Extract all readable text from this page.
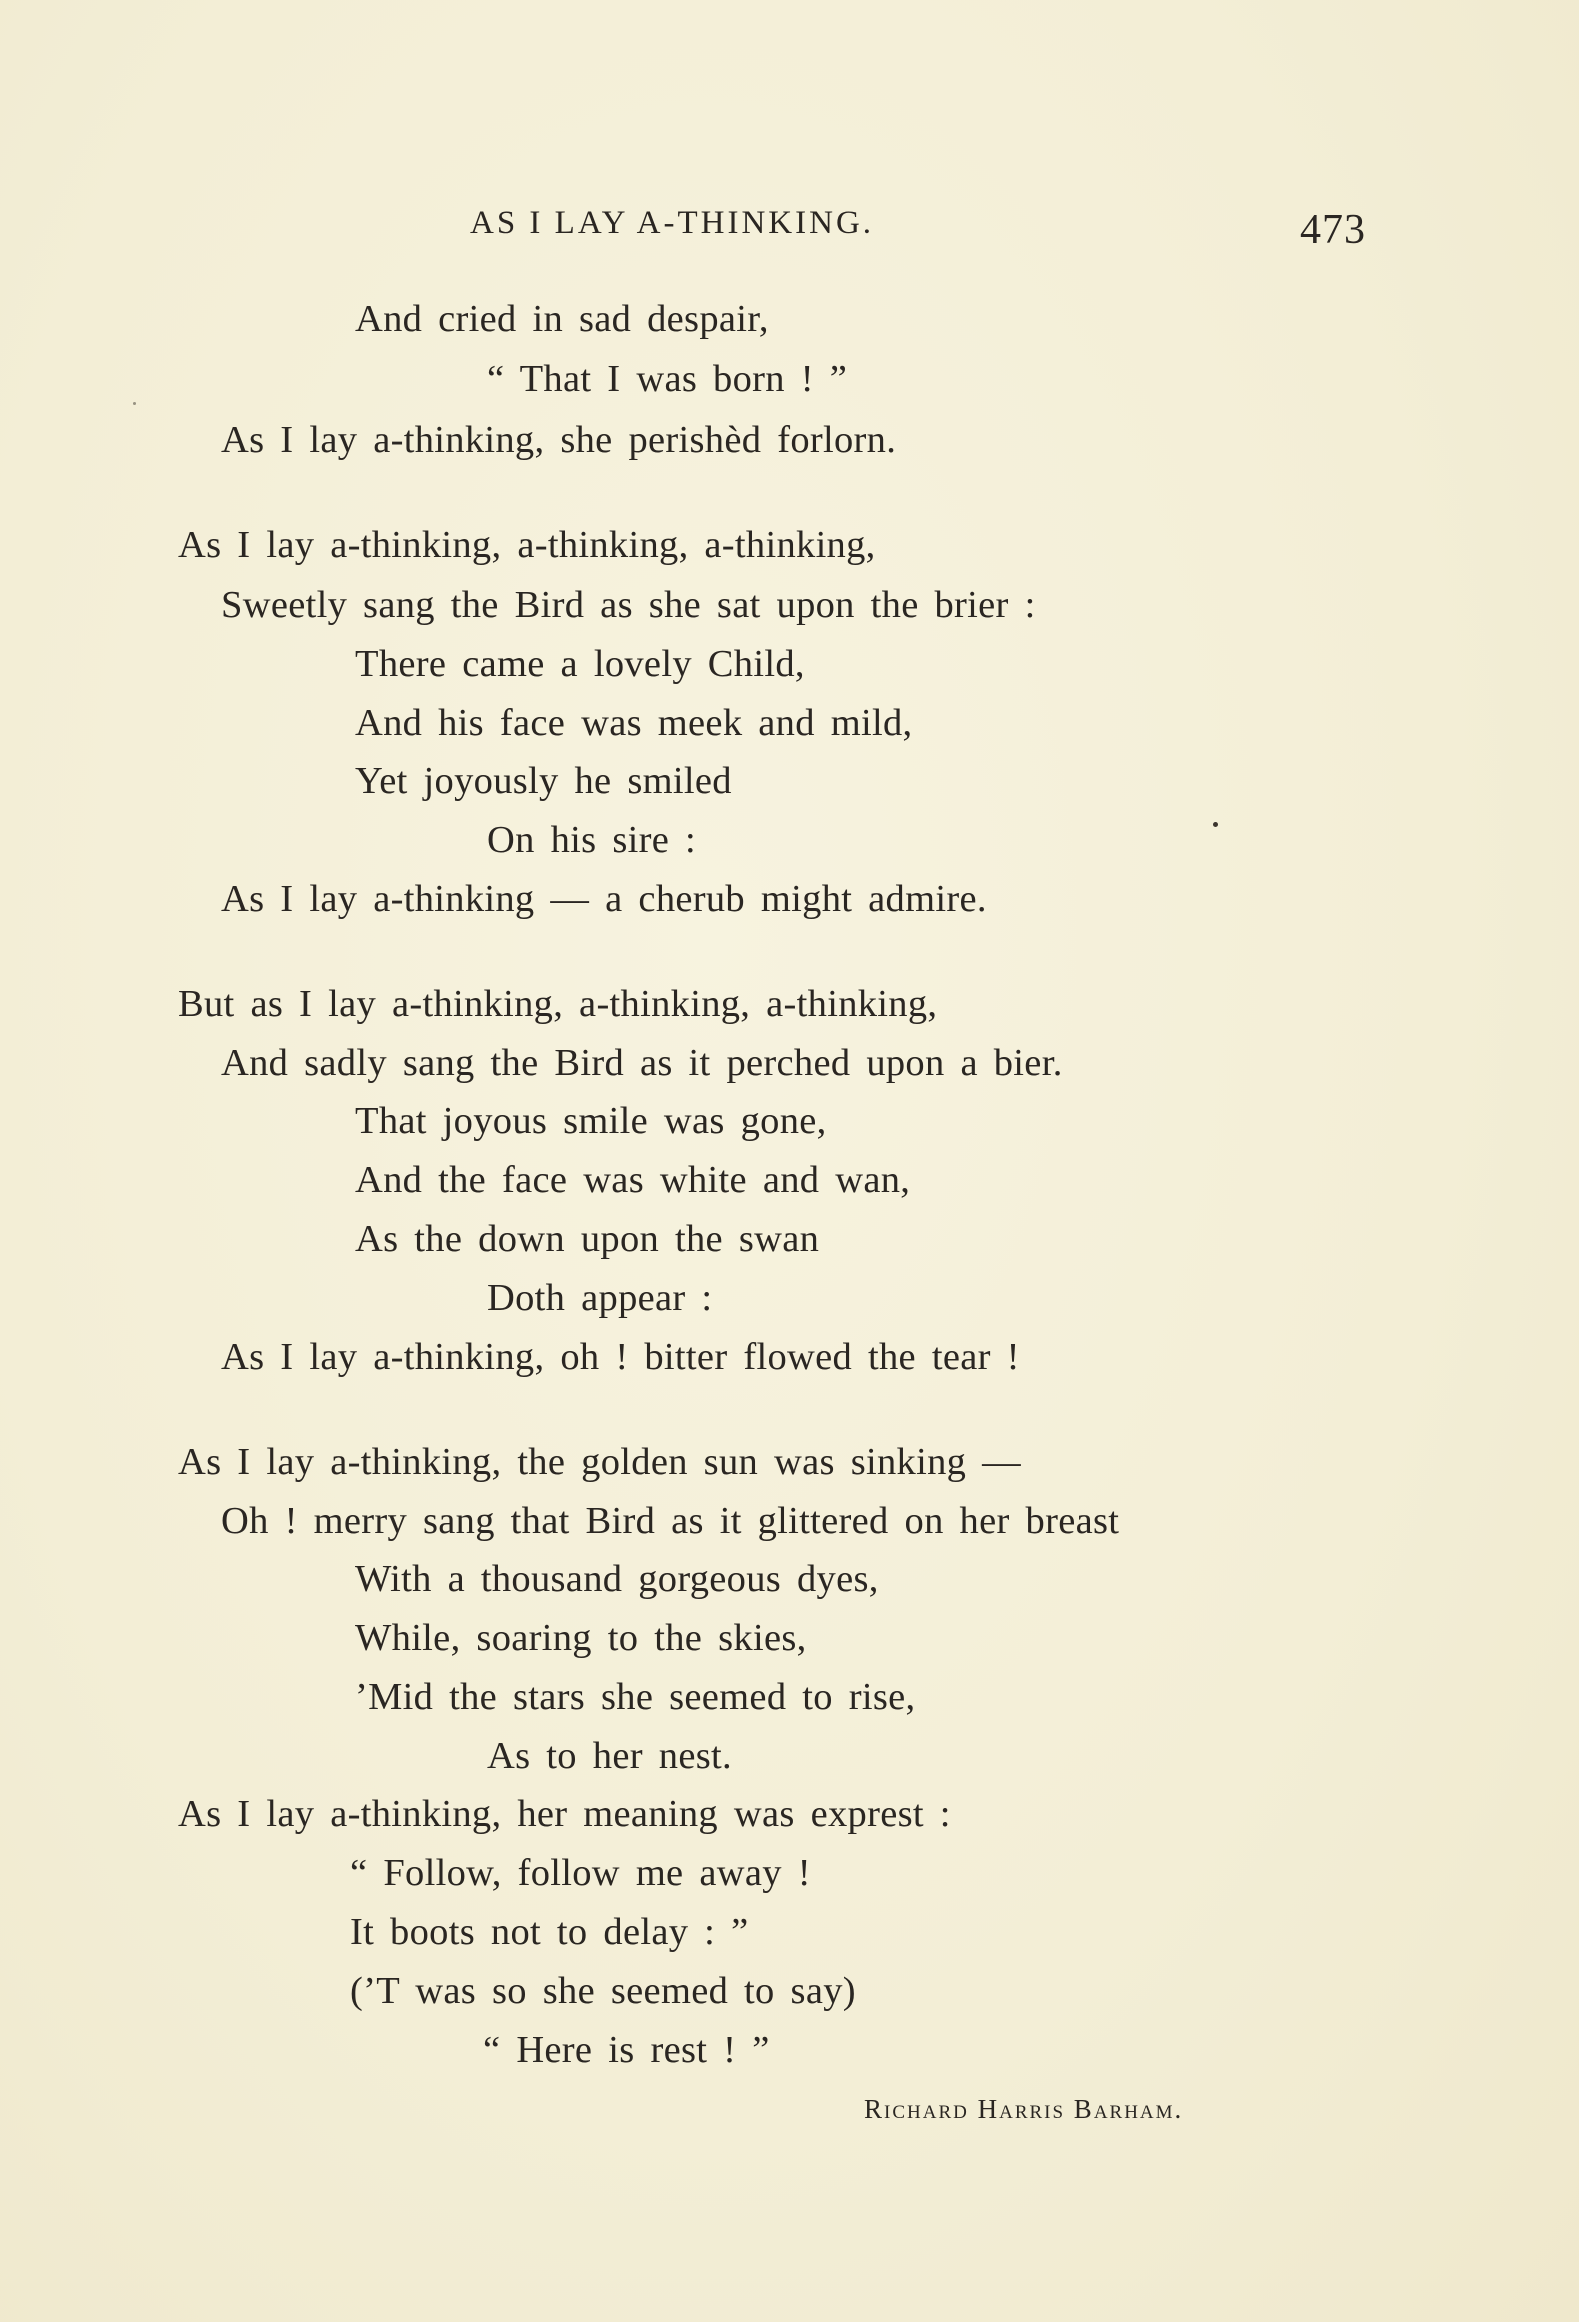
AS I LAY A-THINKING.	473
And cried in sad despair,
“ That I was born ! ”
As I lay a-thinking, she perishèd forlorn.
As I lay a-thinking, a-thinking, a-thinking,
Sweetly sang the Bird as she sat upon the brier :
There came a lovely Child,
And his face was meek and mild,
Yet joyously he smiled
On his sire :
As I lay a-thinking — a cherub might admire.
But as I lay a-thinking, a-thinking, a-thinking,
And sadly sang the Bird as it perched upon a bier.
That joyous smile was gone,
And the face was white and wan,
As the down upon the swan
Doth appear :
As I lay a-thinking, oh ! bitter flowed the tear !
As I lay a-thinking, the golden sun was sinking —
Oh ! merry sang that Bird as it glittered on her breast
With a thousand gorgeous dyes,
While, soaring to the skies,
’Mid the stars she seemed to rise,
As to her nest.
As I lay a-thinking, her meaning was exprest :
“ Follow, follow me away !
It boots not to delay : ”
(’T was so she seemed to say)
“ Here is rest ! ”
Richard Harris Barham.
